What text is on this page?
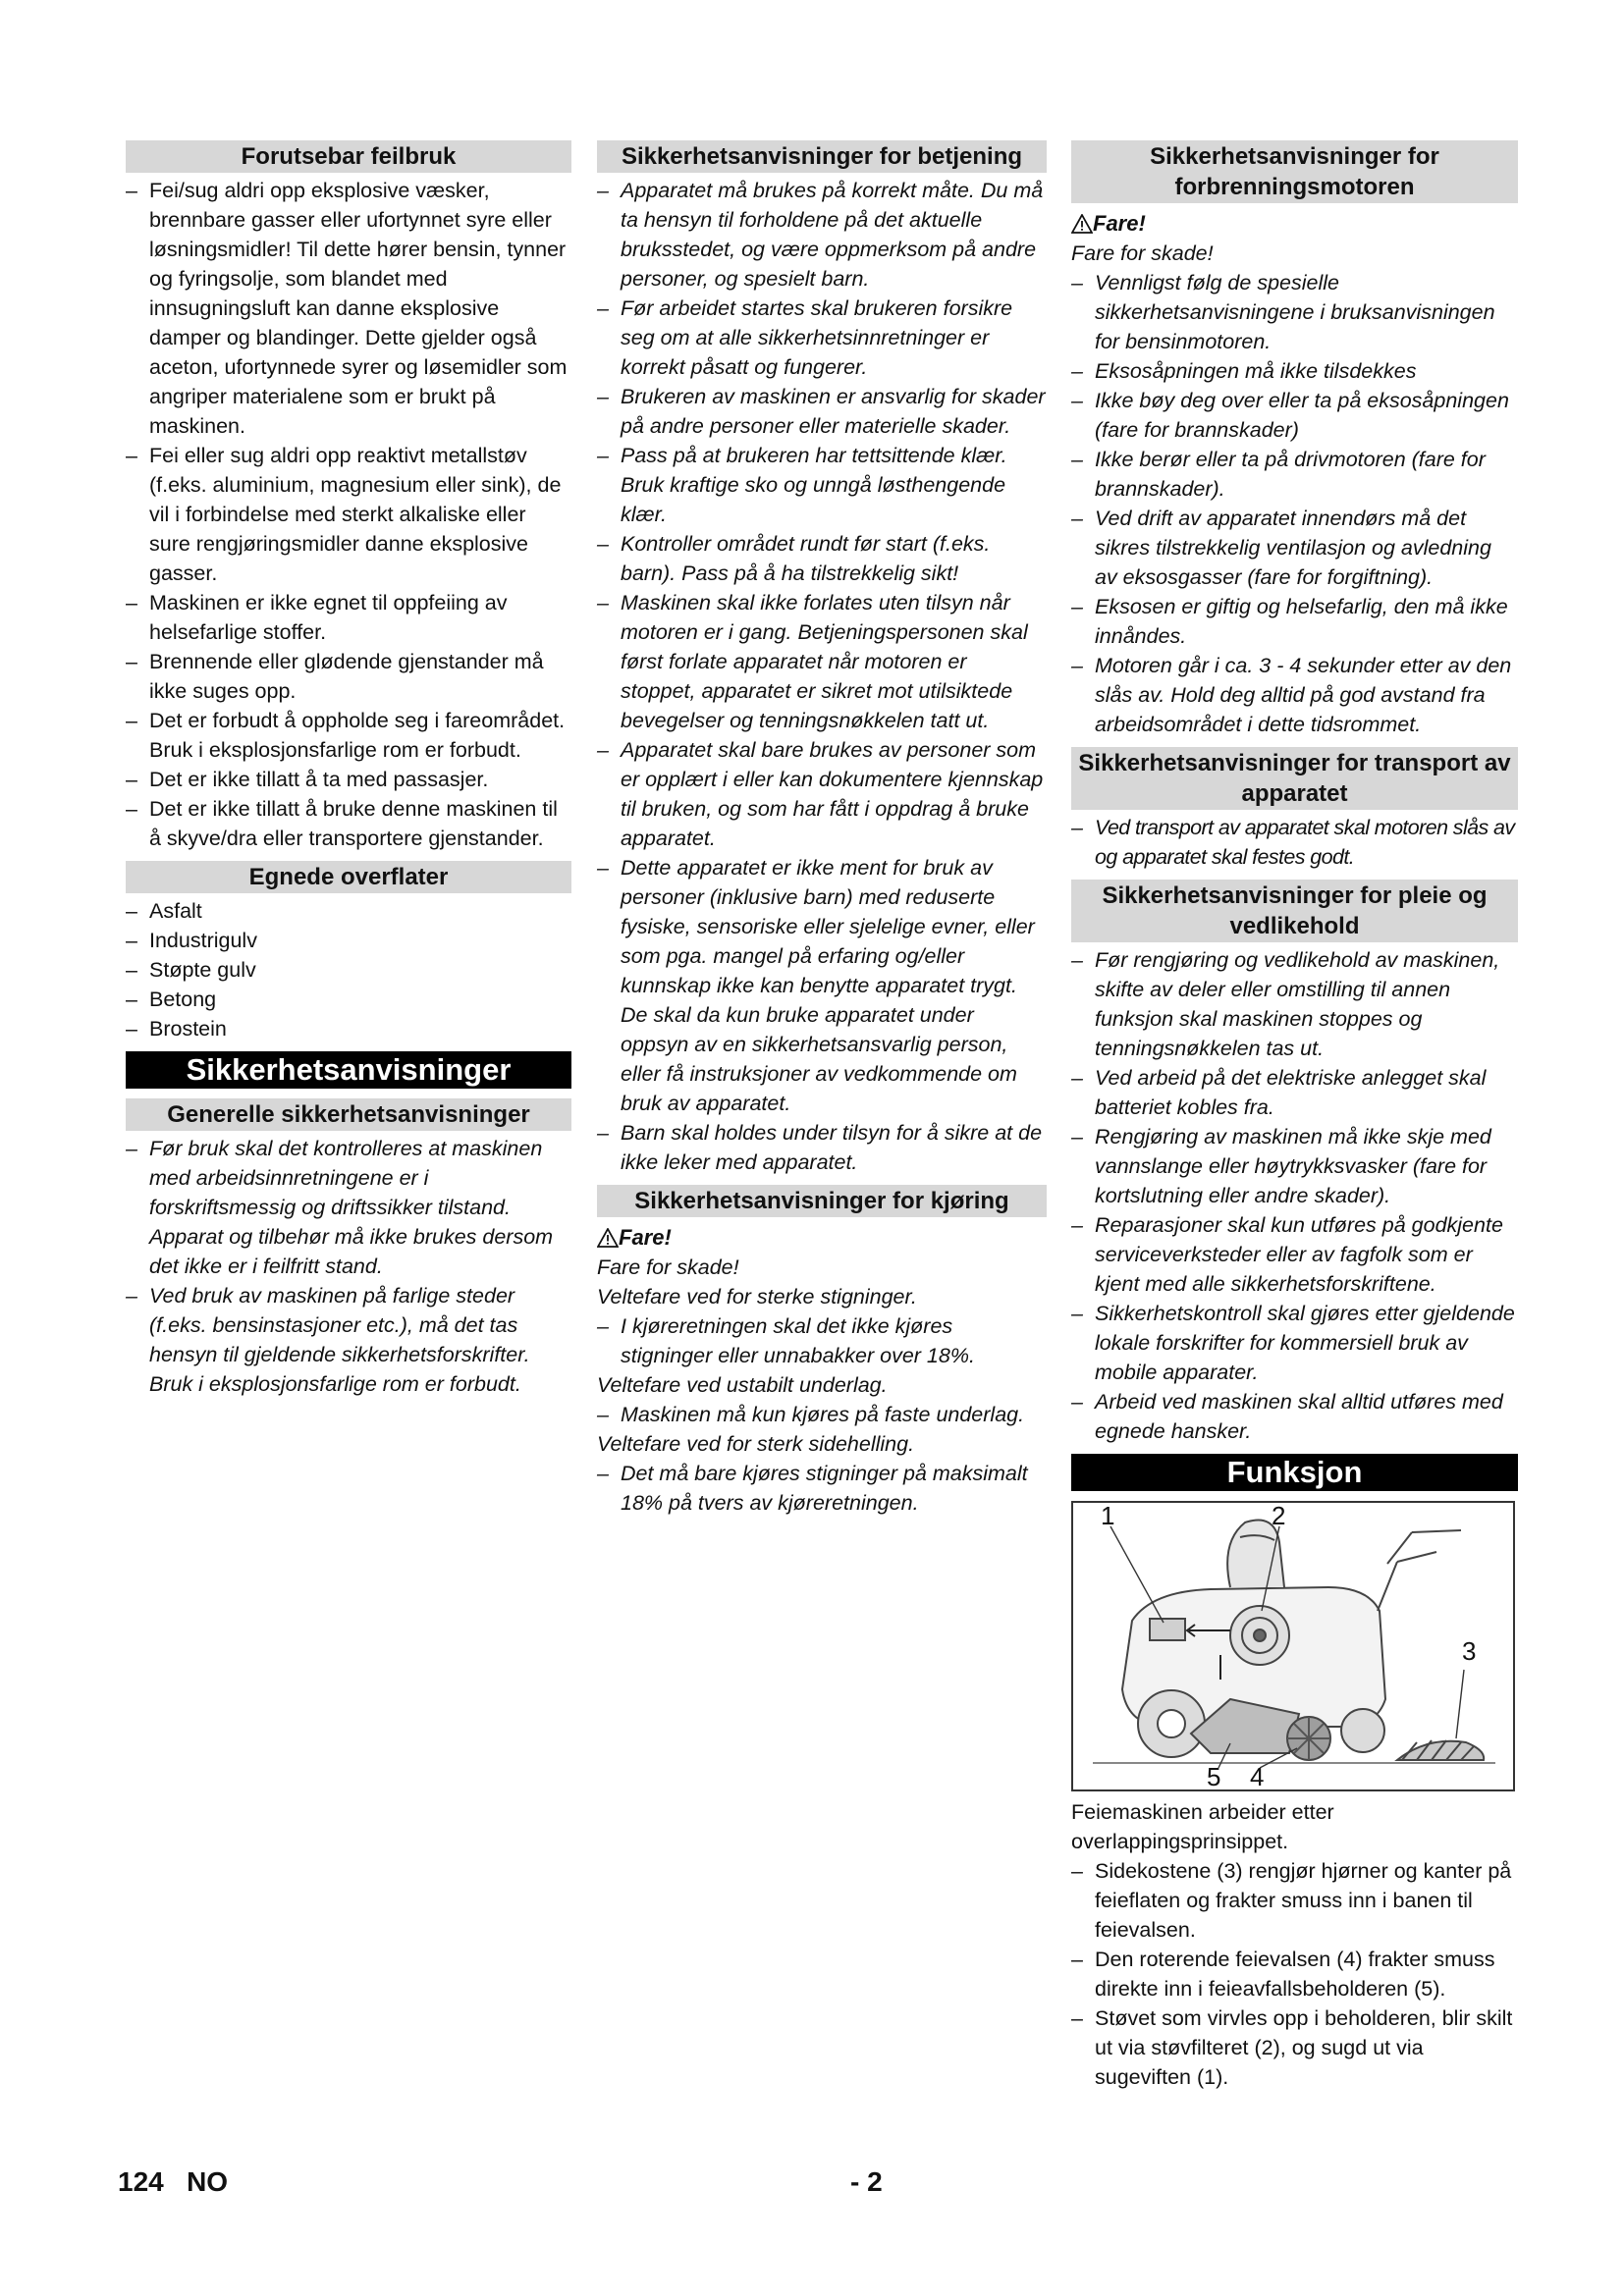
Forutsebar feilbruk
– Fei/sug aldri opp eksplosive væsker, brennbare gasser eller ufortynnet syre eller løsningsmidler! Til dette hører bensin, tynner og fyringsolje, som blandet med innsugningsluft kan danne eksplosive damper og blandinger. Dette gjelder også aceton, ufortynnede syrer og løsemidler som angriper materialene som er brukt på maskinen.
– Fei eller sug aldri opp reaktivt metallstøv (f.eks. aluminium, magnesium eller sink), de vil i forbindelse med sterkt alkaliske eller sure rengjøringsmidler danne eksplosive gasser.
– Maskinen er ikke egnet til oppfeiing av helsefarlige stoffer.
– Brennende eller glødende gjenstander må ikke suges opp.
– Det er forbudt å oppholde seg i fareområdet. Bruk i eksplosjonsfarlige rom er forbudt.
– Det er ikke tillatt å ta med passasjer.
– Det er ikke tillatt å bruke denne maskinen til å skyve/dra eller transportere gjenstander.
Egnede overflater
– Asfalt
– Industrigulv
– Støpte gulv
– Betong
– Brostein
Sikkerhetsanvisninger
Generelle sikkerhetsanvisninger
– Før bruk skal det kontrolleres at maskinen med arbeidsinnretningene er i forskriftsmessig og driftssikker tilstand. Apparat og tilbehør må ikke brukes dersom det ikke er i feilfritt stand.
– Ved bruk av maskinen på farlige steder (f.eks. bensinstasjoner etc.), må det tas hensyn til gjeldende sikkerhetsforskrifter. Bruk i eksplosjonsfarlige rom er forbudt.
Sikkerhetsanvisninger for betjening
– Apparatet må brukes på korrekt måte. Du må ta hensyn til forholdene på det aktuelle bruksstedet, og være oppmerksom på andre personer, og spesielt barn.
– Før arbeidet startes skal brukeren forsikre seg om at alle sikkerhetsinnretninger er korrekt påsatt og fungerer.
– Brukeren av maskinen er ansvarlig for skader på andre personer eller materielle skader.
– Pass på at brukeren har tettsittende klær. Bruk kraftige sko og unngå løsthengende klær.
– Kontroller området rundt før start (f.eks. barn). Pass på å ha tilstrekkelig sikt!
– Maskinen skal ikke forlates uten tilsyn når motoren er i gang. Betjeningspersonen skal først forlate apparatet når motoren er stoppet, apparatet er sikret mot utilsiktede bevegelser og tenningsnøkkelen tatt ut.
– Apparatet skal bare brukes av personer som er opplært i eller kan dokumentere kjennskap til bruken, og som har fått i oppdrag å bruke apparatet.
– Dette apparatet er ikke ment for bruk av personer (inklusive barn) med reduserte fysiske, sensoriske eller sjelelige evner, eller som pga. mangel på erfaring og/eller kunnskap ikke kan benytte apparatet trygt. De skal da kun bruke apparatet under oppsyn av en sikkerhetsansvarlig person, eller få instruksjoner av vedkommende om bruk av apparatet.
– Barn skal holdes under tilsyn for å sikre at de ikke leker med apparatet.
Sikkerhetsanvisninger for kjøring

Fare!

Fare for skade!

Veltefare ved for sterke stigninger.

– I kjøreretningen skal det ikke kjøres stigninger eller unnabakker over 18%.

Veltefare ved ustabilt underlag.

– Maskinen må kun kjøres på faste underlag.

Veltefare ved for sterk sidehelling.

– Det må bare kjøres stigninger på maksimalt 18% på tvers av kjøreretningen.
Sikkerhetsanvisninger for forbrenningsmotoren

Fare!

Fare for skade!

– Vennligst følg de spesielle sikkerhetsanvisningene i bruksanvisningen for bensinmotoren.
– Eksosåpningen må ikke tilsdekkes
– Ikke bøy deg over eller ta på eksosåpningen (fare for brannskader)
– Ikke berør eller ta på drivmotoren (fare for brannskader).
– Ved drift av apparatet innendørs må det sikres tilstrekkelig ventilasjon og avledning av eksosgasser (fare for forgiftning).
– Eksosen er giftig og helsefarlig, den må ikke innåndes.
– Motoren går i ca. 3 - 4 sekunder etter av den slås av. Hold deg alltid på god avstand fra arbeidsområdet i dette tidsrommet.
Sikkerhetsanvisninger for transport av apparatet
– Ved transport av apparatet skal motoren slås av og apparatet skal festes godt.
Sikkerhetsanvisninger for pleie og vedlikehold
– Før rengjøring og vedlikehold av maskinen, skifte av deler eller omstilling til annen funksjon skal maskinen stoppes og tenningsnøkkelen tas ut.
– Ved arbeid på det elektriske anlegget skal batteriet kobles fra.
– Rengjøring av maskinen må ikke skje med vannslange eller høytrykksvasker (fare for kortslutning eller andre skader).
– Reparasjoner skal kun utføres på godkjente serviceverksteder eller av fagfolk som er kjent med alle sikkerhetsforskriftene.
– Sikkerhetskontroll skal gjøres etter gjeldende lokale forskrifter for kommersiell bruk av mobile apparater.
– Arbeid ved maskinen skal alltid utføres med egnede hansker.
Funksjon
1	2
3
4
5

Feiemaskinen arbeider etter overlappingsprinsippet.

– Sidekostene (3) rengjør hjørner og kanter på feieflaten og frakter smuss inn i banen til feievalsen.
– Den roterende feievalsen (4) frakter smuss direkte inn i feieavfallsbeholderen (5).
– Støvet som virvles opp i beholderen, blir skilt ut via støvfilteret (2), og sugd ut via sugeviften (1).
124 NO	- 2
